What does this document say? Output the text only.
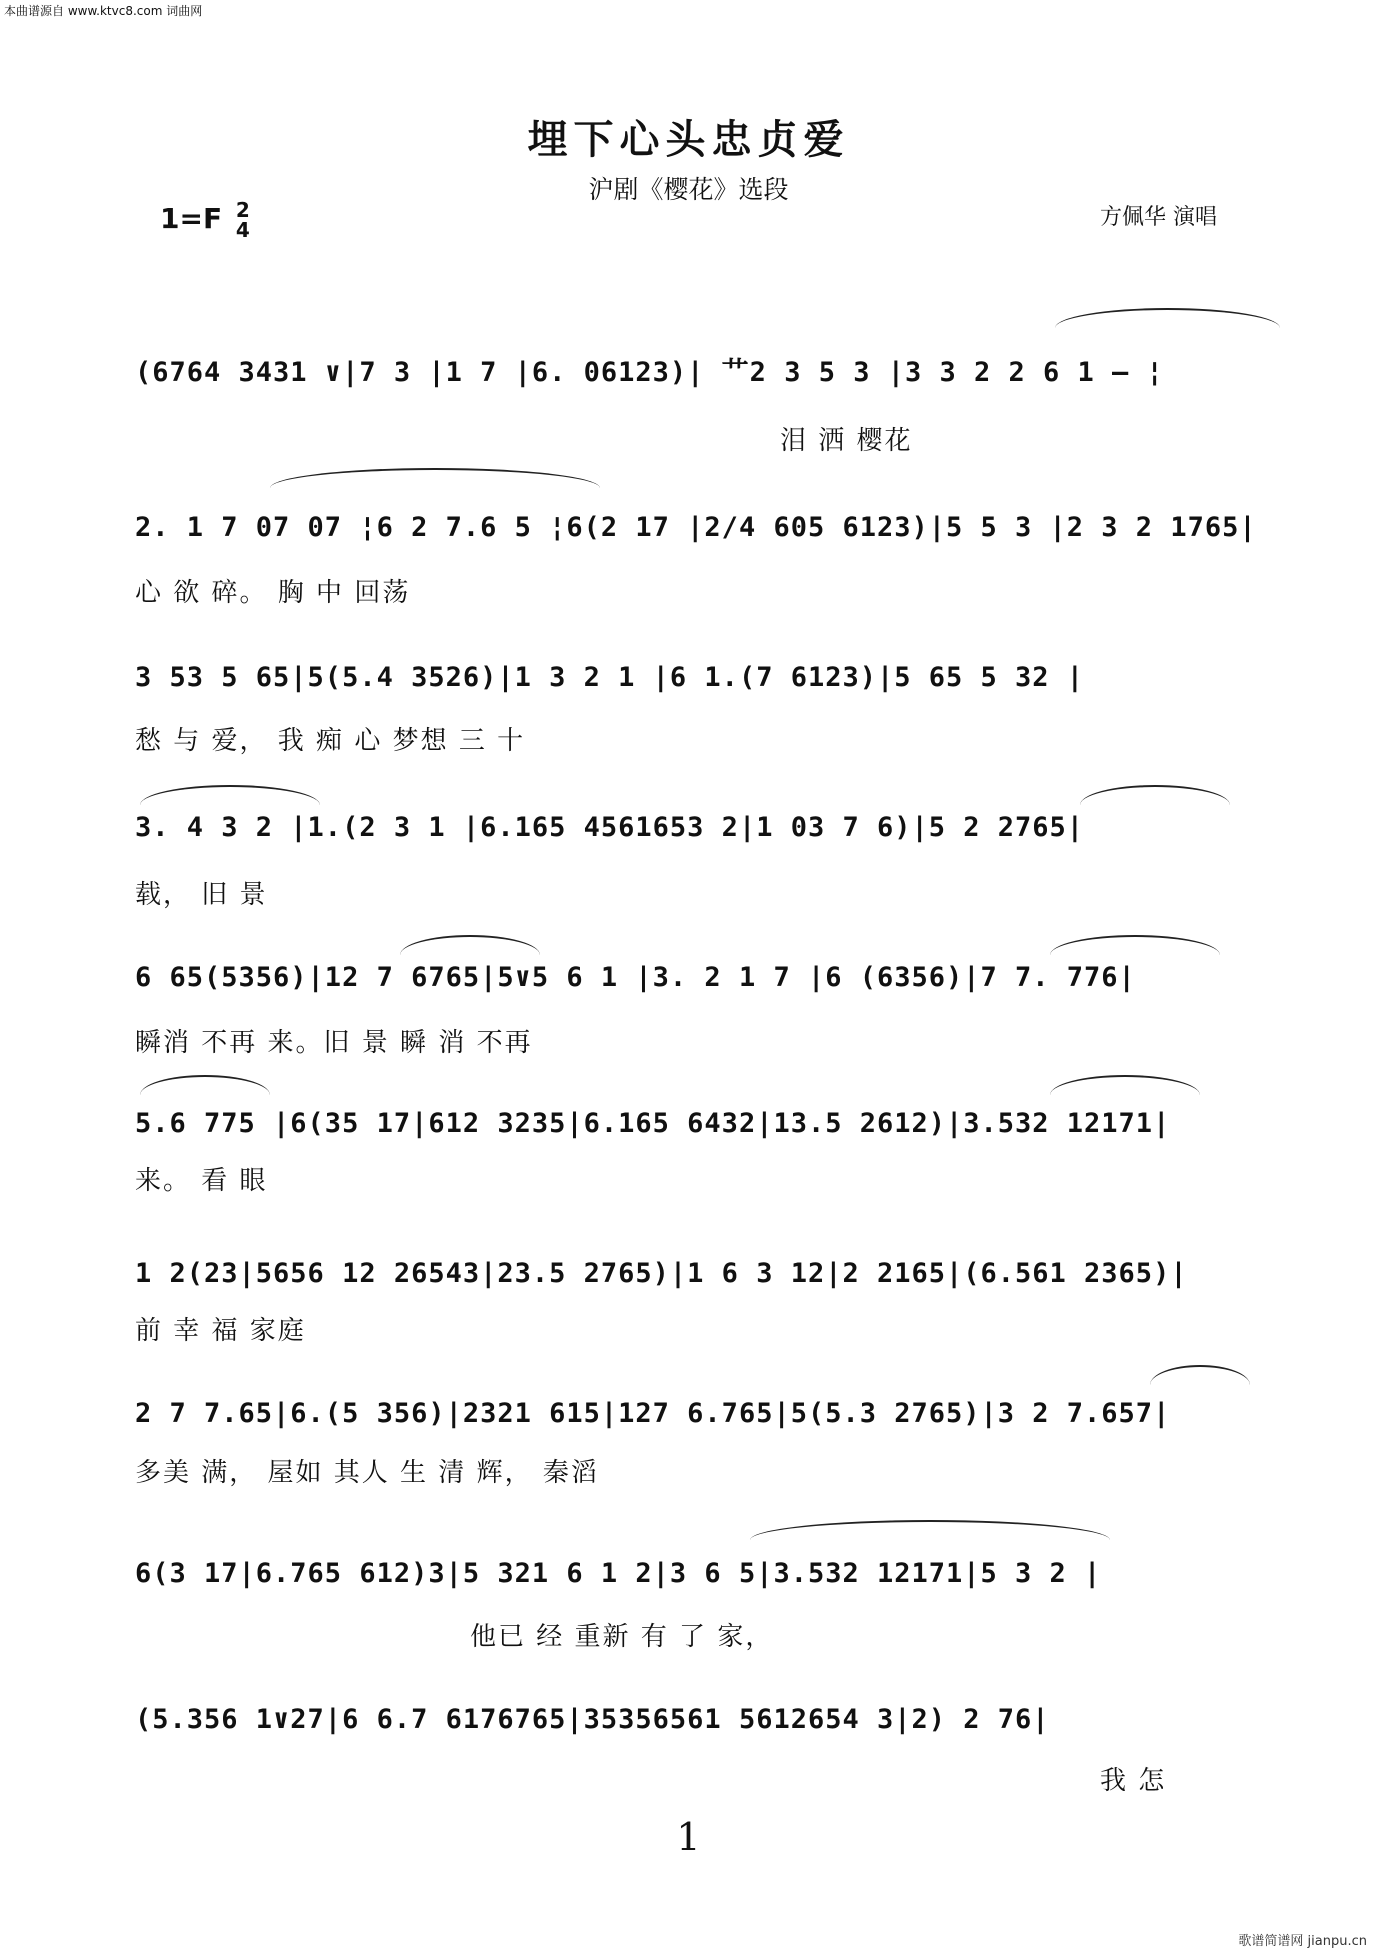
本曲谱源自 www.ktvc8.com 词曲网
埋下心头忠贞爱
沪剧《樱花》选段
1=F 2
4	方佩华 演唱
(6764 3431 ∨|7 3 |1 7 |6. 06123)| 艹2 3 5 3 |3 3 2 2 6 1 – ¦
泪 洒 樱花
2. 1 7 07 07 ¦6 2 7.6 5 ¦6(2 17 |2/4 605 6123)|5 5 3 |2 3 2 1765|
心 欲 碎。 胸 中 回荡
3 53 5 65|5(5.4 3526)|1 3 2 1 |6 1.(7 6123)|5 65 5 32 |
愁 与 爱， 我 痴 心 梦想 三 十
3. 4 3 2 |1.(2 3 1 |6.165 4561653 2|1 03 7 6)|5 2 2765|
载， 旧 景
6 65(5356)|12 7 6765|5∨5 6 1 |3. 2 1 7 |6 (6356)|7 7. 776|
瞬消 不再 来。旧 景 瞬 消 不再
5.6 775 |6(35 17|612 3235|6.165 6432|13.5 2612)|3.532 12171|
来。 看 眼
1 2(23|5656 12 26543|23.5 2765)|1 6 3 12|2 2165|(6.561 2365)|
前 幸 福 家庭
2 7 7.65|6.(5 356)|2321 615|127 6.765|5(5.3 2765)|3 2 7.657|
多美 满， 屋如 其人 生 清 辉， 秦滔
6(3 17|6.765 612)3|5 321 6 1 2|3 6 5|3.532 12171|5 3 2 |
他已 经 重新 有 了 家，
(5.356 1∨27|6 6.7 6176765|35356561 5612654 3|2) 2 76|
我 怎
1
歌谱简谱网 jianpu.cn
